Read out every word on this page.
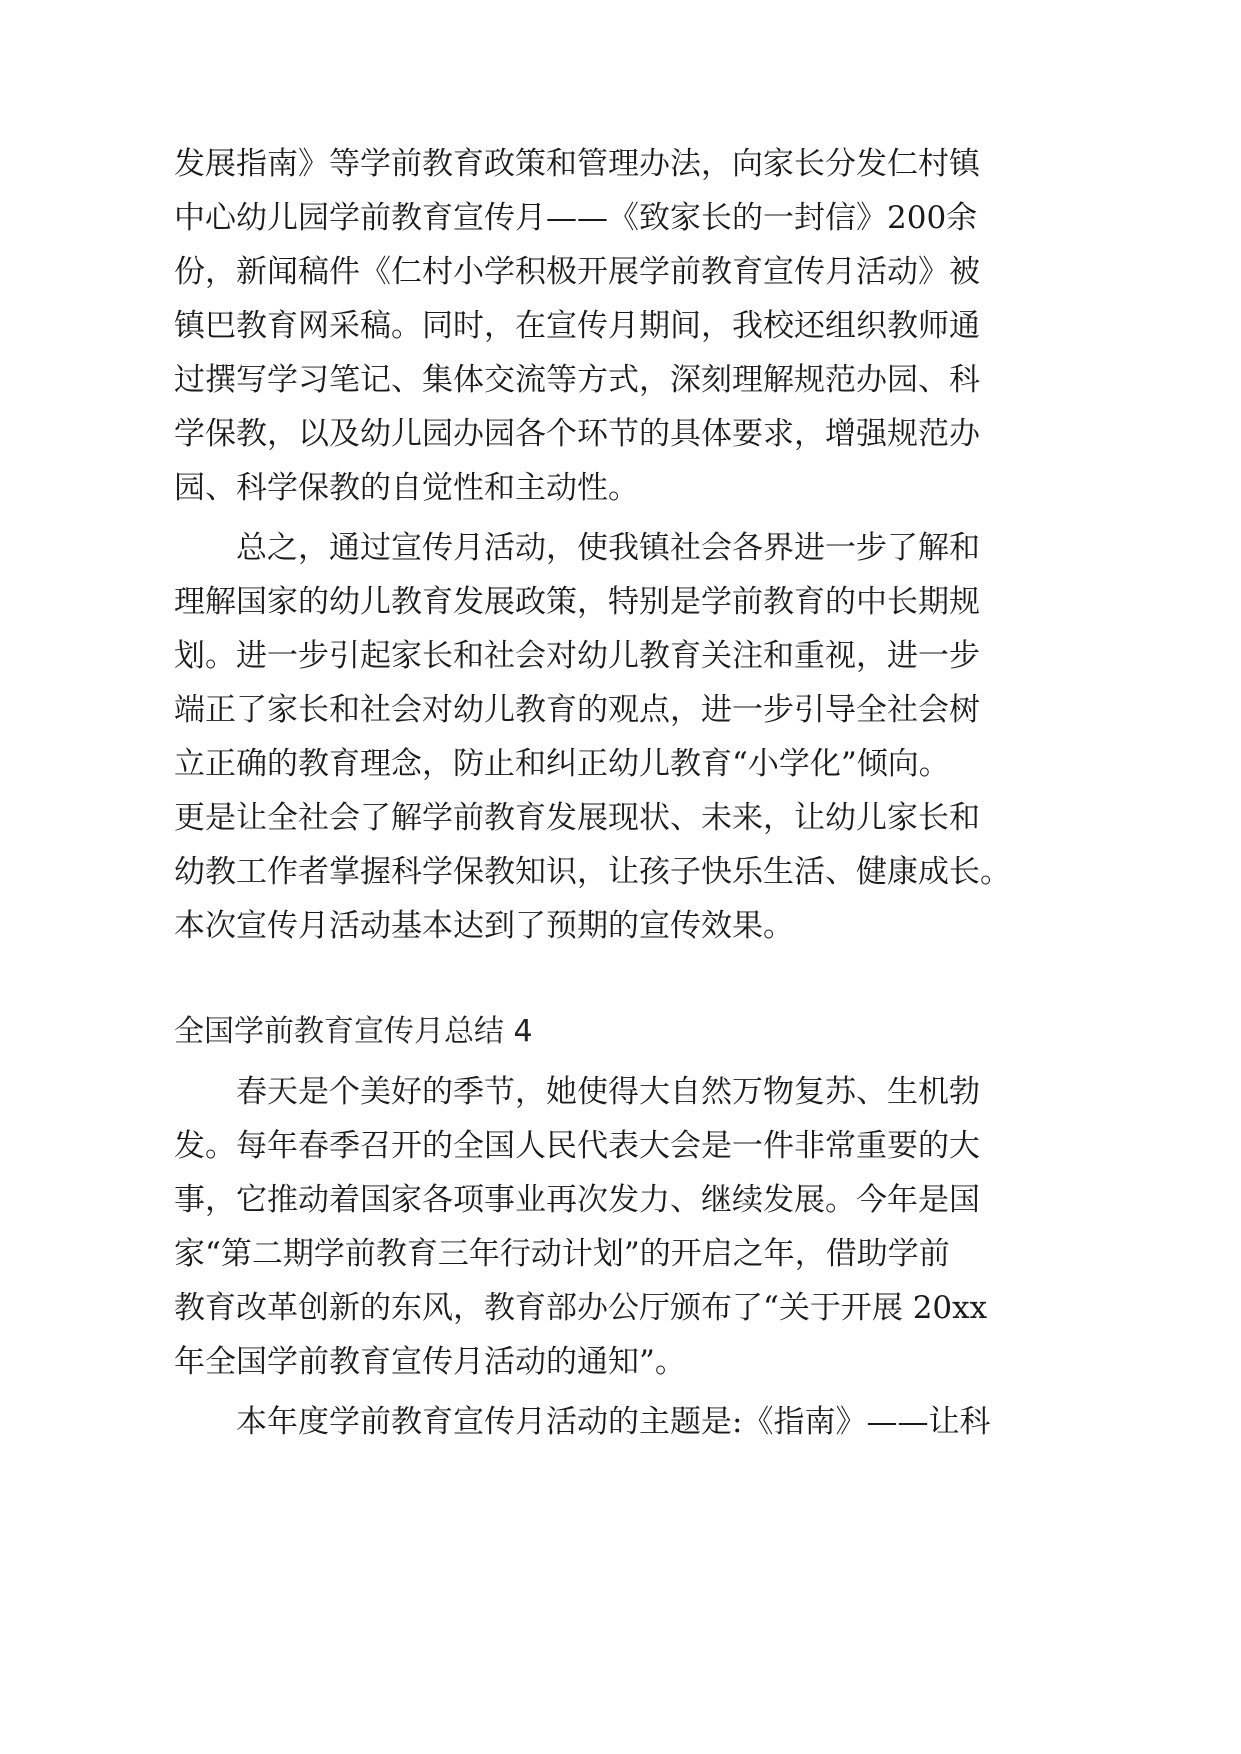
发展指南》等学前教育政策和管理办法，向家长分发仁村镇
中心幼儿园学前教育宣传月——《致家长的一封信》200余
份，新闻稿件《仁村小学积极开展学前教育宣传月活动》被
镇巴教育网采稿。同时，在宣传月期间，我校还组织教师通
过撰写学习笔记、集体交流等方式，深刻理解规范办园、科
学保教，以及幼儿园办园各个环节的具体要求，增强规范办
园、科学保教的自觉性和主动性。
总之，通过宣传月活动，使我镇社会各界进一步了解和
理解国家的幼儿教育发展政策，特别是学前教育的中长期规
划。进一步引起家长和社会对幼儿教育关注和重视，进一步
端正了家长和社会对幼儿教育的观点，进一步引导全社会树
立正确的教育理念，防止和纠正幼儿教育“小学化”倾向。
更是让全社会了解学前教育发展现状、未来，让幼儿家长和
幼教工作者掌握科学保教知识，让孩子快乐生活、健康成长。
本次宣传月活动基本达到了预期的宣传效果。
全国学前教育宣传月总结 4
春天是个美好的季节，她使得大自然万物复苏、生机勃
发。每年春季召开的全国人民代表大会是一件非常重要的大
事，它推动着国家各项事业再次发力、继续发展。今年是国
家“第二期学前教育三年行动计划”的开启之年，借助学前
教育改革创新的东风，教育部办公厅颁布了“关于开展 20xx
年全国学前教育宣传月活动的通知”。
本年度学前教育宣传月活动的主题是:《指南》——让科
